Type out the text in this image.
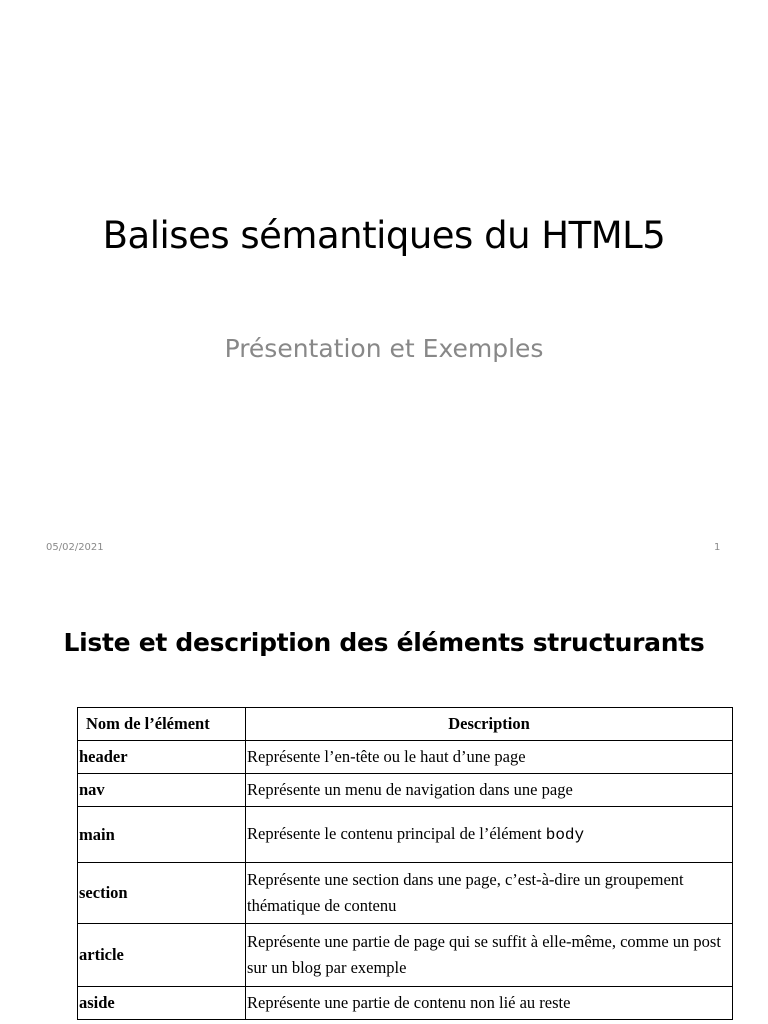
Balises sémantiques du HTML5
Présentation et Exemples
05/02/2021	1
Liste et description des éléments structurants
Nom de l’élément	Description
header	Représente l’en-tête ou le haut d’une page
nav	Représente un menu de navigation dans une page
main	Représente le contenu principal de l’élément body
section	Représente une section dans une page, c’est-à-dire un groupement thématique de contenu
article	Représente une partie de page qui se suffit à elle-même, comme un post sur un blog par exemple
aside	Représente une partie de contenu non lié au reste
